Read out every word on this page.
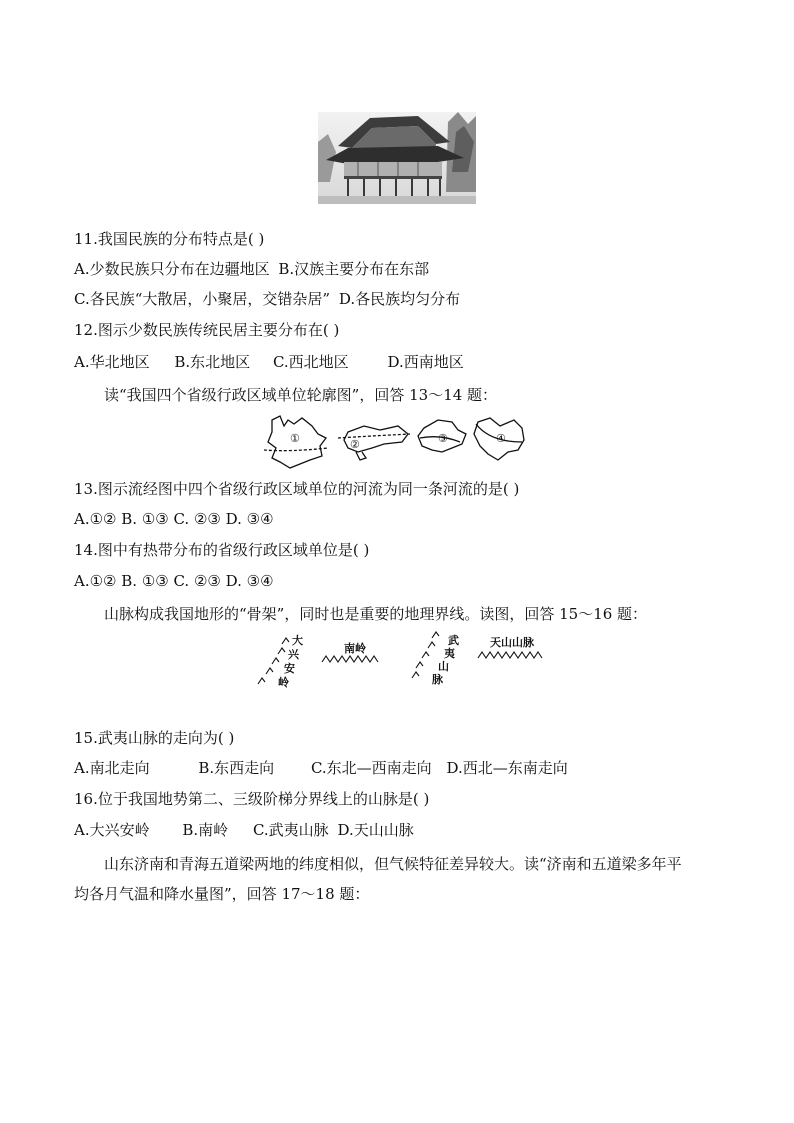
11.我国民族的分布特点是( )
A.少数民族只分布在边疆地区 B.汉族主要分布在东部
C.各民族“大散居，小聚居，交错杂居” D.各民族均匀分布
12.图示少数民族传统民居主要分布在( )
A.华北地区 B.东北地区 C.西北地区	D.西南地区
读“我国四个省级行政区域单位轮廓图”，回答 13～14 题：
①	②	③	④
13.图示流经图中四个省级行政区域单位的河流为同一条河流的是( )
A.①② B. ①③ C. ②③ D. ③④
14.图中有热带分布的省级行政区域单位是( )
A.①② B. ①③ C. ②③ D. ③④
山脉构成我国地形的“骨架”，同时也是重要的地理界线。读图，回答 15～16 题：
大
兴
安
岭
南岭
武
夷
山
脉
天山山脉
15.武夷山脉的走向为( )
A.南北走向	B.东西走向 C.东北—西南走向 D.西北—东南走向
16.位于我国地势第二、三级阶梯分界线上的山脉是( )
A.大兴安岭 B.南岭 C.武夷山脉 D.天山山脉
山东济南和青海五道梁两地的纬度相似，但气候特征差异较大。读“济南和五道梁多年平
均各月气温和降水量图”，回答 17～18 题：
